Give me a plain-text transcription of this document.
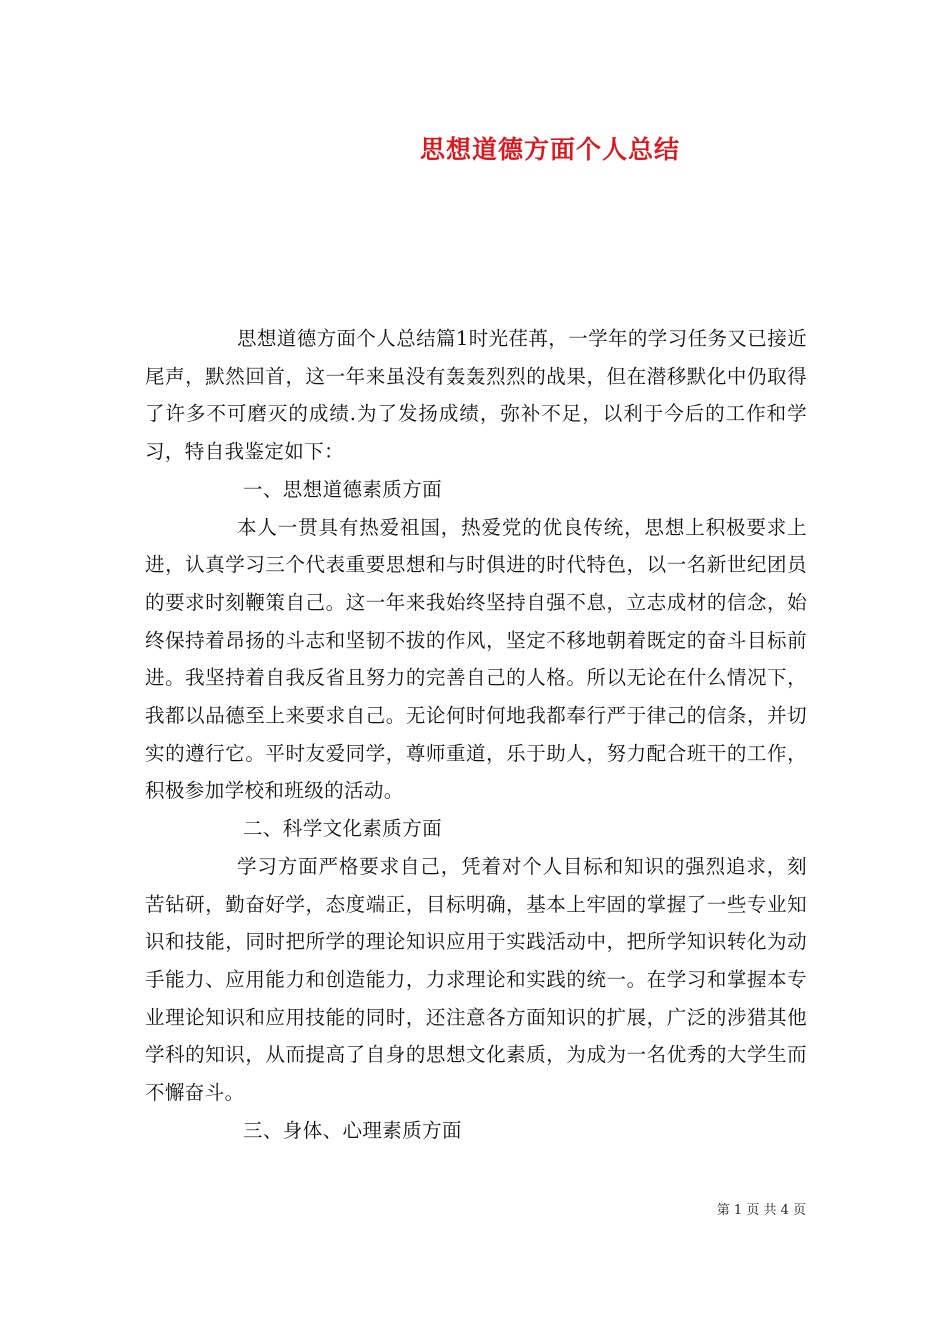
思想道德方面个人总结

思想道德方面个人总结篇1时光荏苒，一学年的学习任务又已接近尾声，默然回首，这一年来虽没有轰轰烈烈的战果，但在潜移默化中仍取得了许多不可磨灭的成绩.为了发扬成绩，弥补不足，以利于今后的工作和学习，特自我鉴定如下：

一、思想道德素质方面

本人一贯具有热爱祖国，热爱党的优良传统，思想上积极要求上进，认真学习三个代表重要思想和与时俱进的时代特色，以一名新世纪团员的要求时刻鞭策自己。这一年来我始终坚持自强不息，立志成材的信念，始终保持着昂扬的斗志和坚韧不拔的作风，坚定不移地朝着既定的奋斗目标前进。我坚持着自我反省且努力的完善自己的人格。所以无论在什么情况下，我都以品德至上来要求自己。无论何时何地我都奉行严于律己的信条，并切实的遵行它。平时友爱同学，尊师重道，乐于助人，努力配合班干的工作，积极参加学校和班级的活动。

二、科学文化素质方面

学习方面严格要求自己，凭着对个人目标和知识的强烈追求，刻苦钻研，勤奋好学，态度端正，目标明确，基本上牢固的掌握了一些专业知识和技能，同时把所学的理论知识应用于实践活动中，把所学知识转化为动手能力、应用能力和创造能力，力求理论和实践的统一。在学习和掌握本专业理论知识和应用技能的同时，还注意各方面知识的扩展，广泛的涉猎其他学科的知识，从而提高了自身的思想文化素质，为成为一名优秀的大学生而不懈奋斗。

三、身体、心理素质方面

第 1 页 共 4 页
